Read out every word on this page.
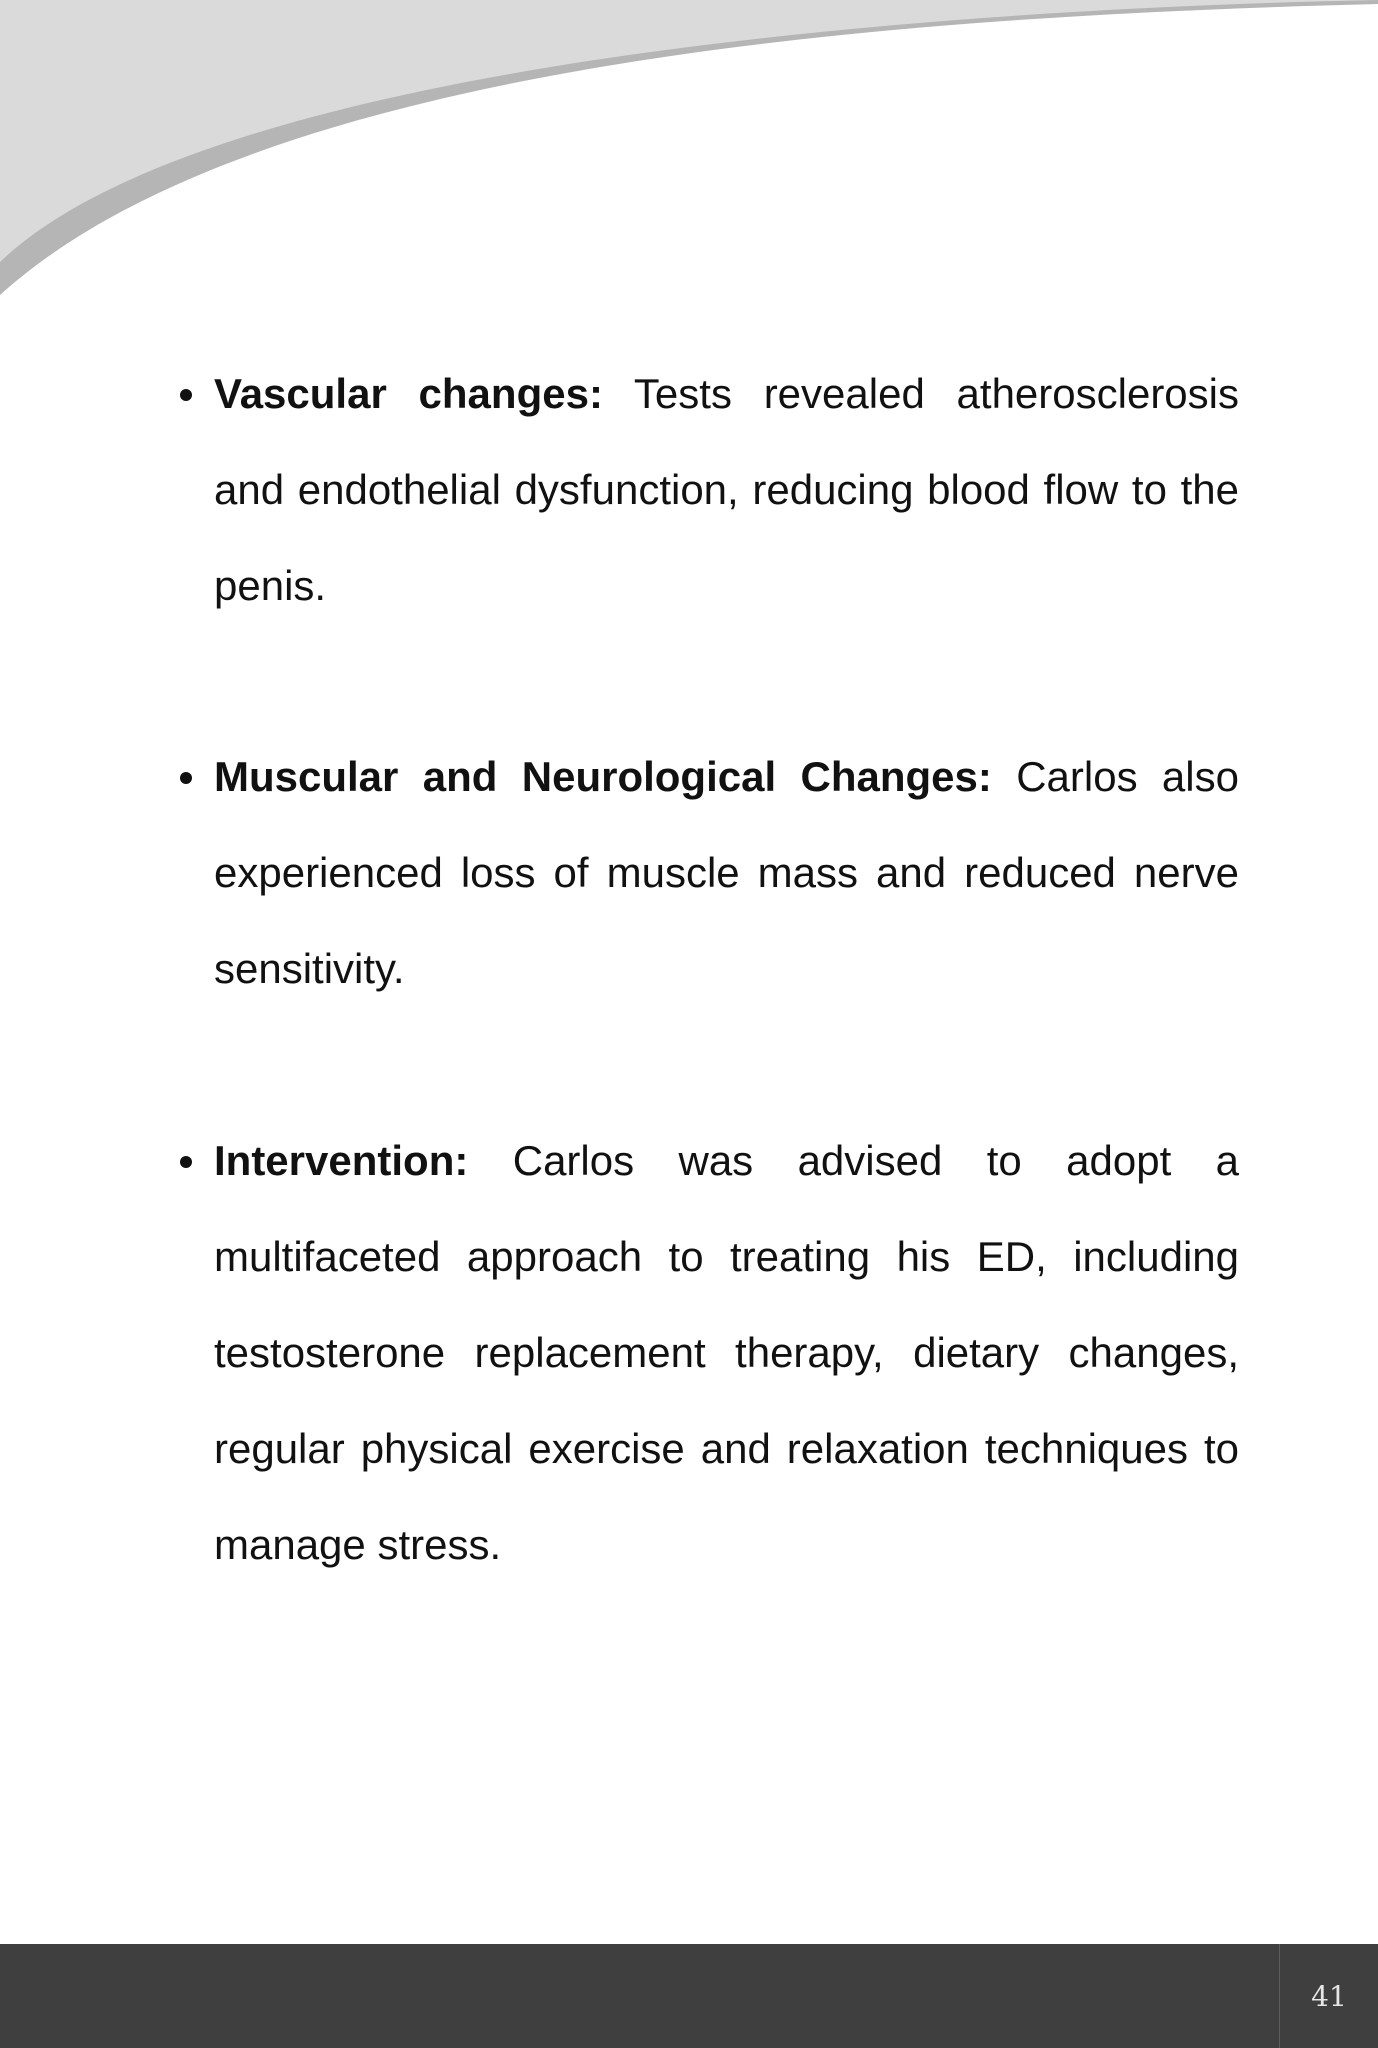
Vascular changes: Tests revealed atherosclerosis and endothelial dysfunction, reducing blood flow to the penis.
Muscular and Neurological Changes: Carlos also experienced loss of muscle mass and reduced nerve sensitivity.
Intervention: Carlos was advised to adopt a multifaceted approach to treating his ED, including testosterone replacement therapy, dietary changes, regular physical exercise and relaxation techniques to manage stress.
41
